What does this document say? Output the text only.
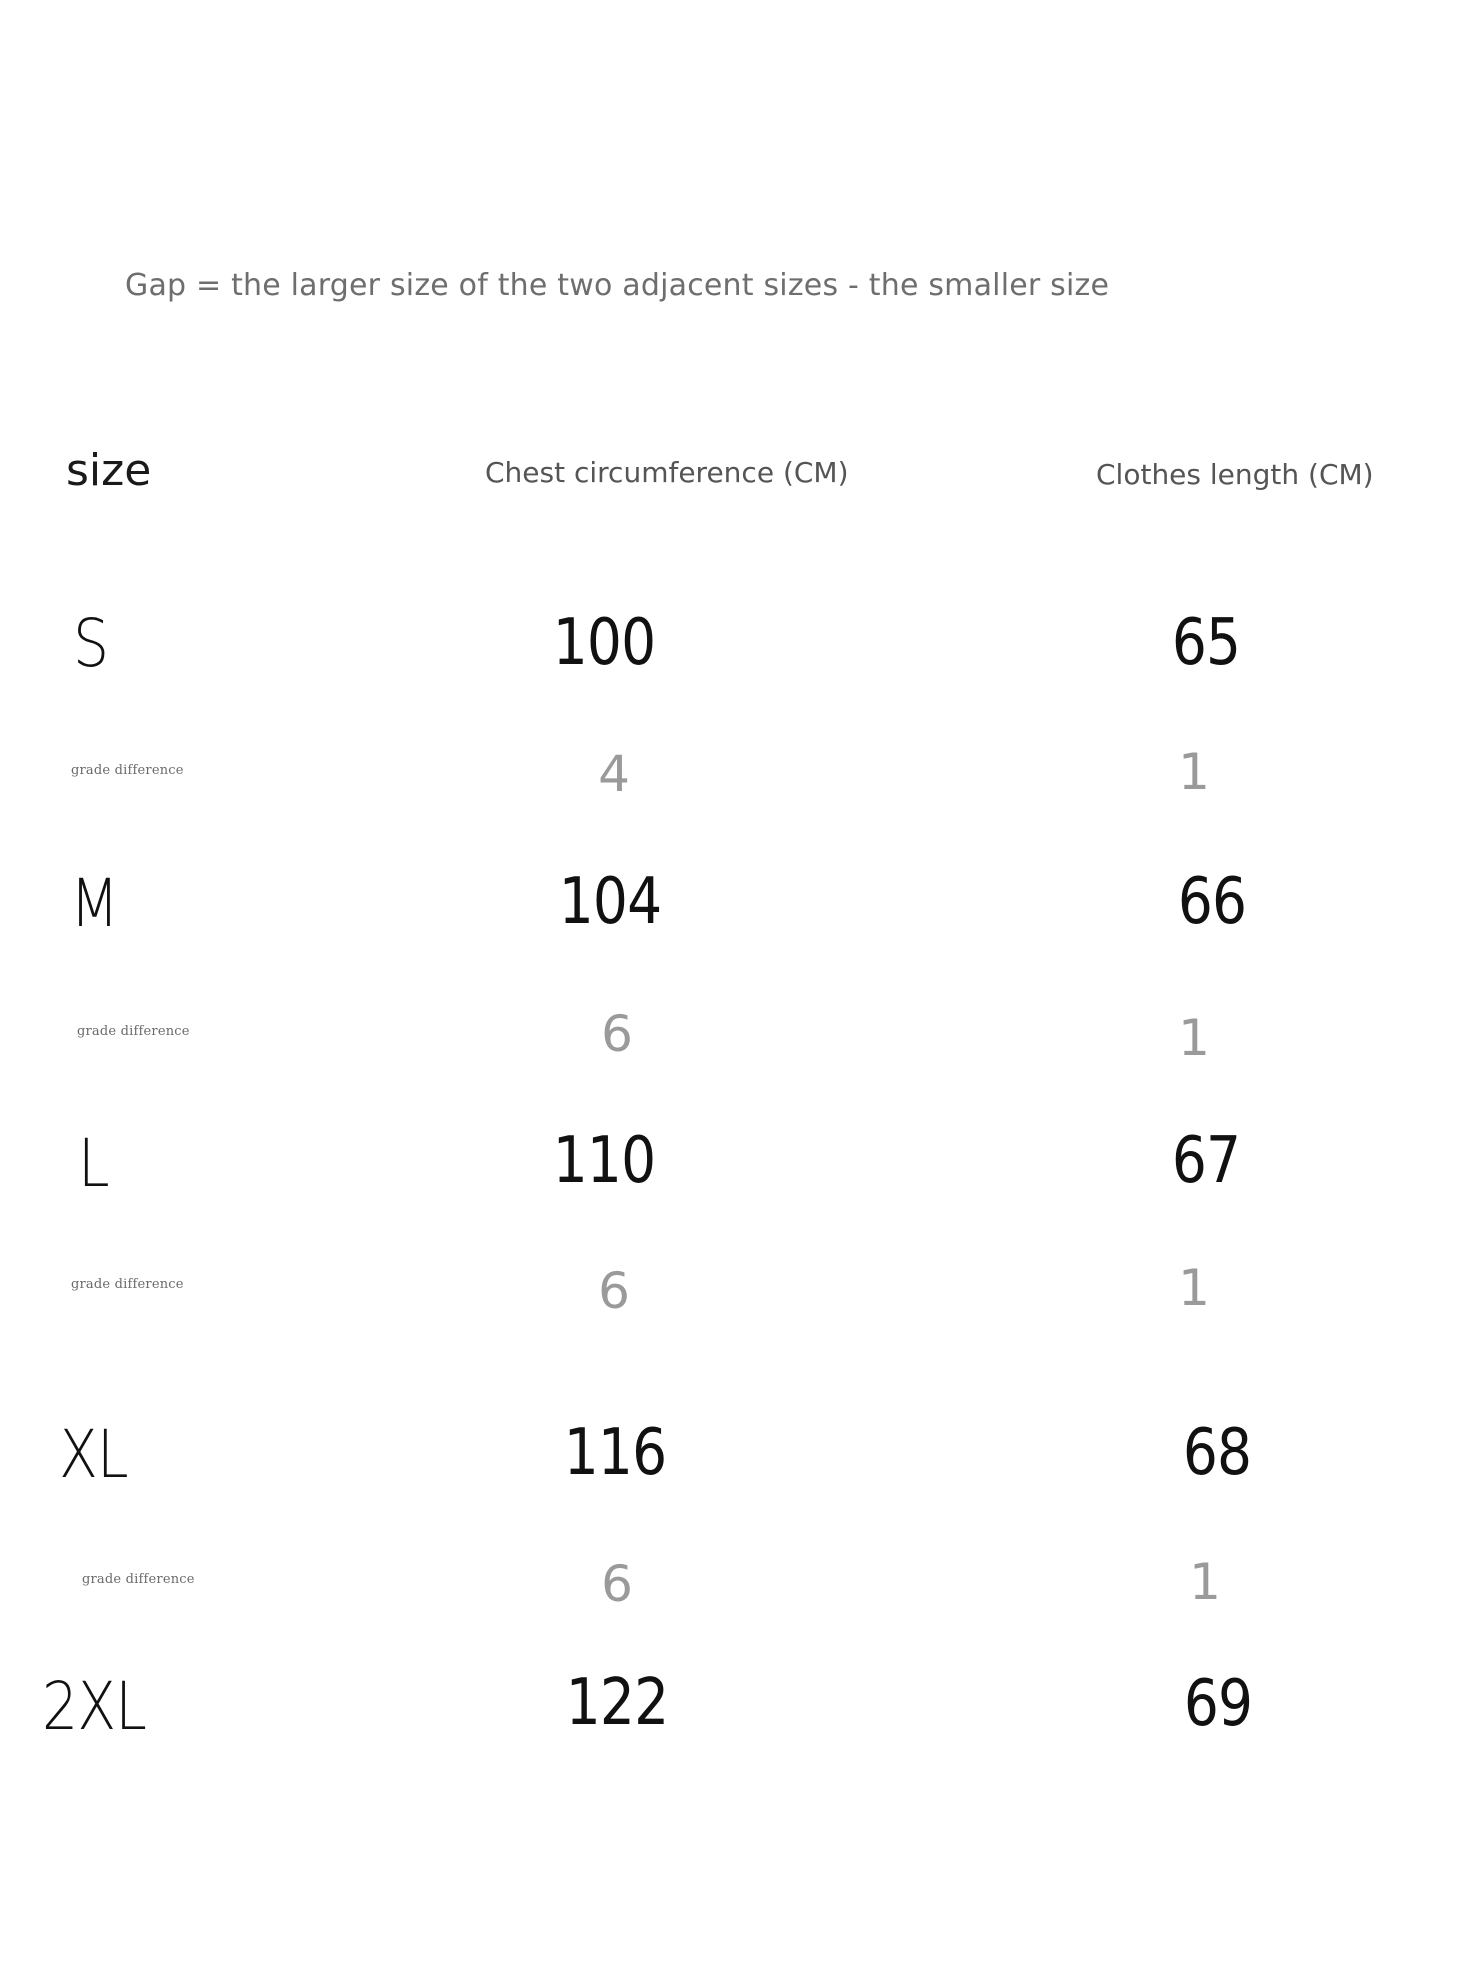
Gap = the larger size of the two adjacent sizes - the smaller size
size	Chest circumference (CM)	Clothes length (CM)
S	100	65
grade difference	4	1
M	104	66
grade difference	6	1
L	110	67
grade difference	6	1
XL	116	68
grade difference	6	1
2XL	122	69
